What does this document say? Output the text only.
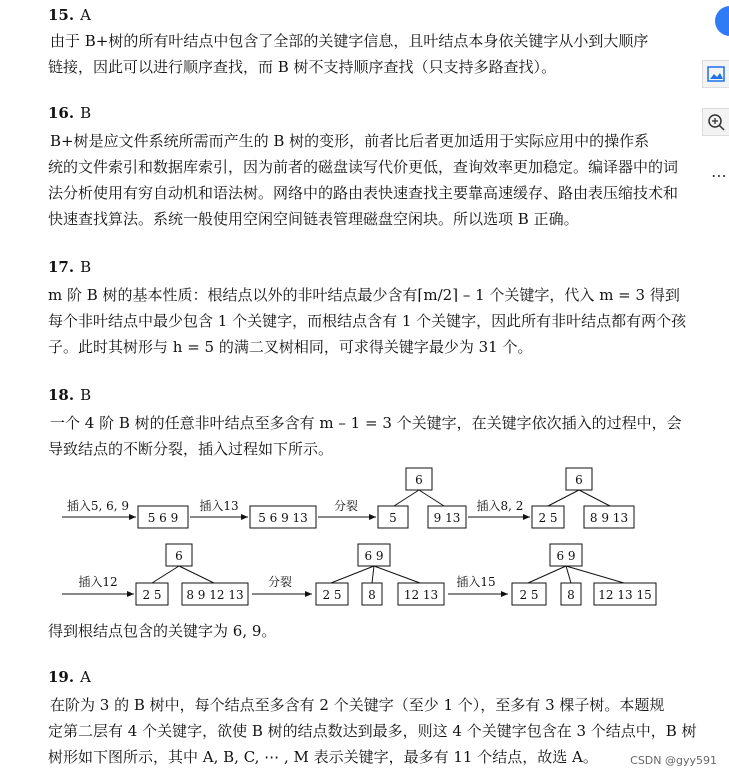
15. A
由于 B+树的所有叶结点中包含了全部的关键字信息，且叶结点本身依关键字从小到大顺序
链接，因此可以进行顺序查找，而 B 树不支持顺序查找（只支持多路查找）。
16. B
B+树是应文件系统所需而产生的 B 树的变形，前者比后者更加适用于实际应用中的操作系
统的文件索引和数据库索引，因为前者的磁盘读写代价更低，查询效率更加稳定。编译器中的词
法分析使用有穷自动机和语法树。网络中的路由表快速查找主要靠高速缓存、路由表压缩技术和
快速查找算法。系统一般使用空闲空间链表管理磁盘空闲块。所以选项 B 正确。
17. B
m 阶 B 树的基本性质：根结点以外的非叶结点最少含有⌈m/2⌉ – 1 个关键字，代入 m = 3 得到
每个非叶结点中最少包含 1 个关键字，而根结点含有 1 个关键字，因此所有非叶结点都有两个孩
子。此时其树形与 h = 5 的满二叉树相同，可求得关键字最少为 31 个。
18. B
一个 4 阶 B 树的任意非叶结点至多含有 m – 1 = 3 个关键字，在关键字依次插入的过程中，会
导致结点的不断分裂，插入过程如下所示。
插入5, 6, 9
5 6 9
插入13
5 6 9 13
分裂
6
5	9 13
插入8, 2
6
2 5	8 9 13
6
插入12
2 5 8 9 12 13
分裂
6 9
2 5 8 12 13
插入15
6 9
2 5 8 12 13 15
得到根结点包含的关键字为 6, 9。
19. A
在阶为 3 的 B 树中，每个结点至多含有 2 个关键字（至少 1 个），至多有 3 棵子树。本题规
定第二层有 4 个关键字，欲使 B 树的结点数达到最多，则这 4 个关键字包含在 3 个结点中，B 树
树形如下图所示，其中 A, B, C, ⋯ , M 表示关键字，最多有 11 个结点，故选 A。
⋯
CSDN @gyy591
